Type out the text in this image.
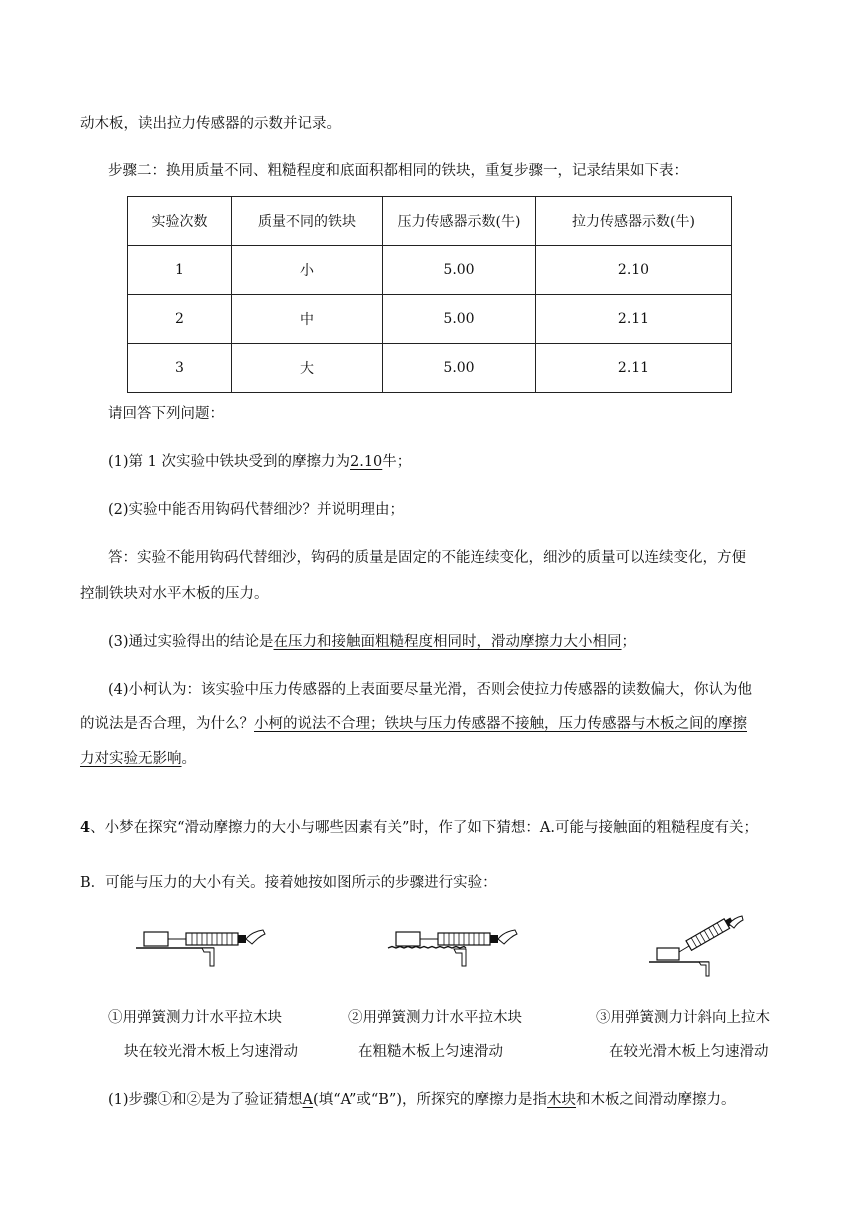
动木板，读出拉力传感器的示数并记录。
步骤二：换用质量不同、粗糙程度和底面积都相同的铁块，重复步骤一，记录结果如下表：
实验次数	质量不同的铁块	压力传感器示数(牛)	拉力传感器示数(牛)
1	小	5.00	2.10
2	中	5.00	2.11
3	大	5.00	2.11
请回答下列问题：
(1)第 1 次实验中铁块受到的摩擦力为2.10牛；
(2)实验中能否用钩码代替细沙？并说明理由；
答：实验不能用钩码代替细沙，钩码的质量是固定的不能连续变化，细沙的质量可以连续变化，方便
控制铁块对水平木板的压力。
(3)通过实验得出的结论是在压力和接触面粗糙程度相同时，滑动摩擦力大小相同；
(4)小柯认为：该实验中压力传感器的上表面要尽量光滑，否则会使拉力传感器的读数偏大，你认为他
的说法是否合理，为什么？小柯的说法不合理；铁块与压力传感器不接触，压力传感器与木板之间的摩擦
力对实验无影响。
4、小梦在探究“滑动摩擦力的大小与哪些因素有关”时，作了如下猜想：A.可能与接触面的粗糙程度有关；
B．可能与压力的大小有关。接着她按如图所示的步骤进行实验：
①用弹簧测力计水平拉木块
块在较光滑木板上匀速滑动
②用弹簧测力计水平拉木块
在粗糙木板上匀速滑动
③用弹簧测力计斜向上拉木
在较光滑木板上匀速滑动
(1)步骤①和②是为了验证猜想A(填“A”或“B”)，所探究的摩擦力是指木块和木板之间滑动摩擦力。
